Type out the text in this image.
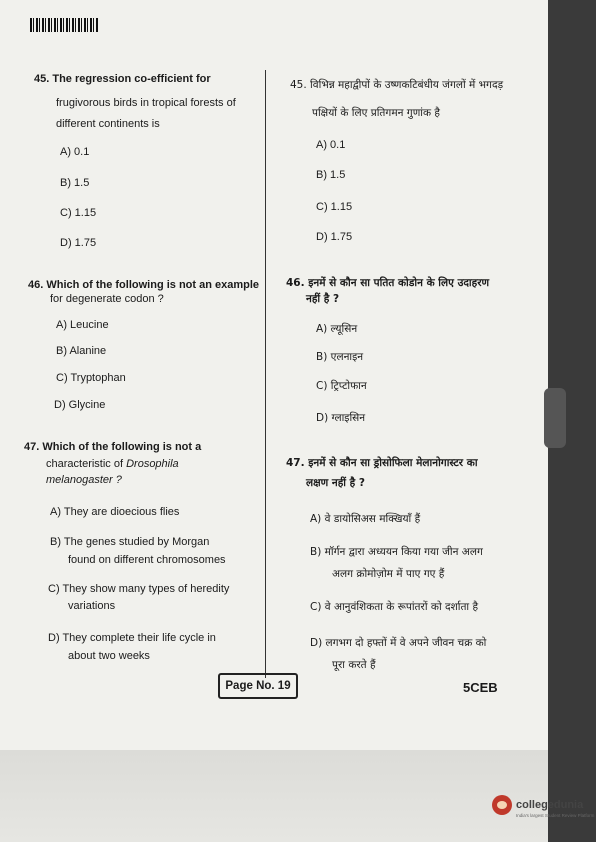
45. The regression co-efficient for
frugivorous birds in tropical forests of
different continents is
A) 0.1
B) 1.5
C) 1.15
D) 1.75
46. Which of the following is not an example
for degenerate codon ?
A) Leucine
B) Alanine
C) Tryptophan
D) Glycine
47. Which of the following is not a
characteristic of Drosophila
melanogaster ?
A) They are dioecious flies
B) The genes studied by Morgan
found on different chromosomes
C) They show many types of heredity
variations
D) They complete their life cycle in
about two weeks
45. विभिन्न महाद्वीपों के उष्णकटिबंधीय जंगलों में भगदड़
पक्षियों के लिए प्रतिगमन गुणांक है
A) 0.1
B) 1.5
C) 1.15
D) 1.75
46. इनमें से कौन सा पतित कोडोन के लिए उदाहरण
नहीं है ?
A) ल्यूसिन
B) एलनाइन
C) ट्रिप्टोफान
D) ग्लाइसिन
47. इनमें से कौन सा ड्रोसोफिला मेलानोगास्टर का
लक्षण नहीं है ?
A) वे डायोसिअस मक्खियाँ हैं
B) मॉर्गन द्वारा अध्ययन किया गया जीन अलग
अलग क्रोमोज़ोम में पाए गए हैं
C) वे आनुवंशिकता के रूपांतरों को दर्शाता है
D) लगभग दो हफ्तों में वे अपने जीवन चक्र को
पूरा करते हैं
Page No. 19	5CEB
collegedunia
India's largest Student Review Platform
